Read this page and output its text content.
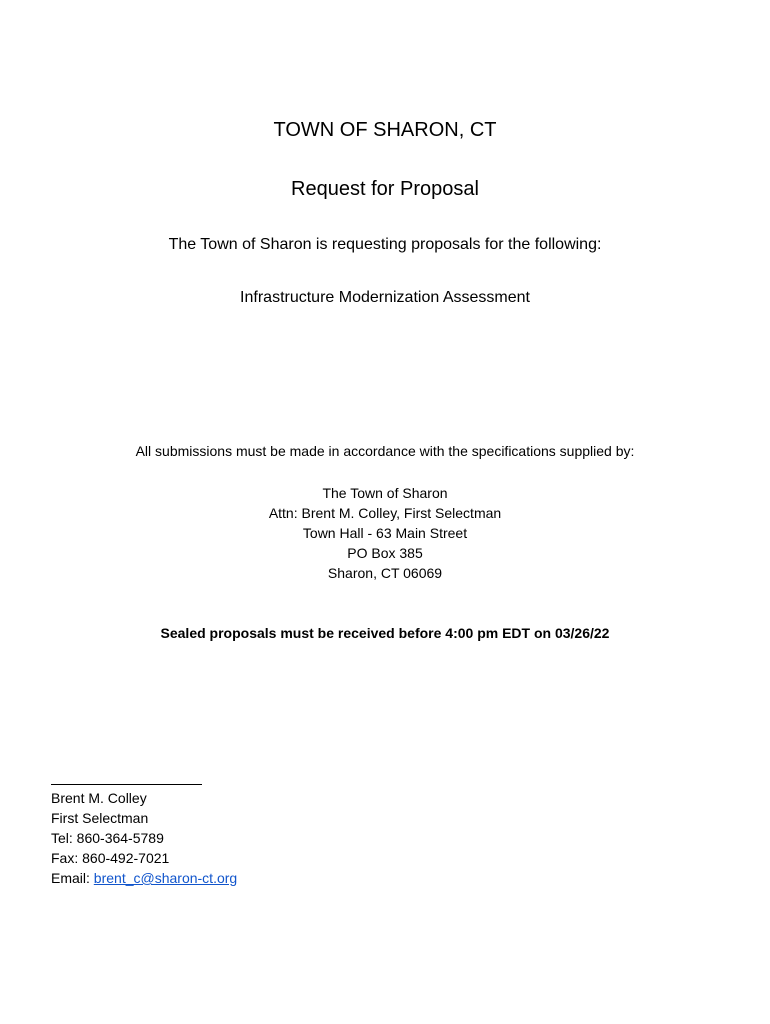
TOWN OF SHARON, CT
Request for Proposal

The Town of Sharon is requesting proposals for the following:

Infrastructure Modernization Assessment

All submissions must be made in accordance with the specifications supplied by:

The Town of Sharon
Attn: Brent M. Colley, First Selectman
Town Hall - 63 Main Street
PO Box 385
Sharon, CT 06069

Sealed proposals must be received before 4:00 pm EDT on 03/26/22

Brent M. Colley
First Selectman
Tel: 860-364-5789
Fax: 860-492-7021
Email: brent_c@sharon-ct.org
